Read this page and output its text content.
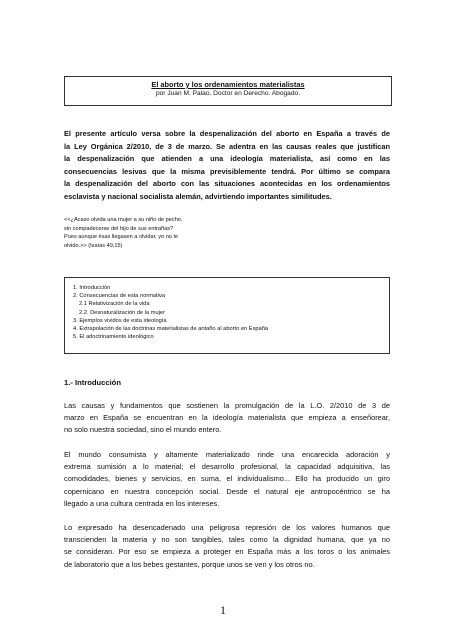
El aborto y los ordenamientos materialistas
por Juan M. Palao. Doctor en Derecho. Abogado.
El presente artículo versa sobre la despenalización del aborto en España a través de
la Ley Orgánica 2/2010, de 3 de marzo. Se adentra en las causas reales que justifican
la despenalización que atienden a una ideología materialista, así como en las
consecuencias lesivas que la misma previsiblemente tendrá. Por último se compara
la despenalización del aborto con las situaciones acontecidas en los ordenamientos
esclavista y nacional socialista alemán, advirtiendo importantes similitudes.
<<¿Acaso olvida una mujer a su niño de pecho,
sin compadecerse del hijo de sus entrañas?
Pues aunque ésas llegasen a olvidar, yo no te
olvido.>> (Isaías 49,15)
1. Introducción
2. Consecuencias de esta normativa
2.1 Relativización de la vida
2.2. Desnaturalización de la mujer
3. Ejemplos vividos de esta ideología
4. Extrapolación de las doctrinas materialistas de antaño al aborto en España
5. El adoctrinamiento ideológico
1.- Introducción
Las causas y fundamentos que sostienen la promulgación de la L.O. 2/2010 de 3 de
marzo en España se encuentran en la ideología materialista que empieza a enseñorear,
no solo nuestra sociedad, sino el mundo entero.
El mundo consumista y altamente materializado rinde una encarecida adoración y
extrema sumisión a lo material; el desarrollo profesional, la capacidad adquisitiva, las
comodidades, bienes y servicios, en suma, el individualismo... Ello ha producido un giro
copernicano en nuestra concepción social. Desde el natural eje antropocéntrico se ha
llegado a una cultura centrada en los intereses.
Lo expresado ha desencadenado una peligrosa represión de los valores humanos que
transcienden la materia y no son tangibles, tales como la dignidad humana, que ya no
se consideran. Por eso se empieza a proteger en España más a los toros o los animales
de laboratorio que a los bebes gestantes, porque unos se ven y los otros no.
1
